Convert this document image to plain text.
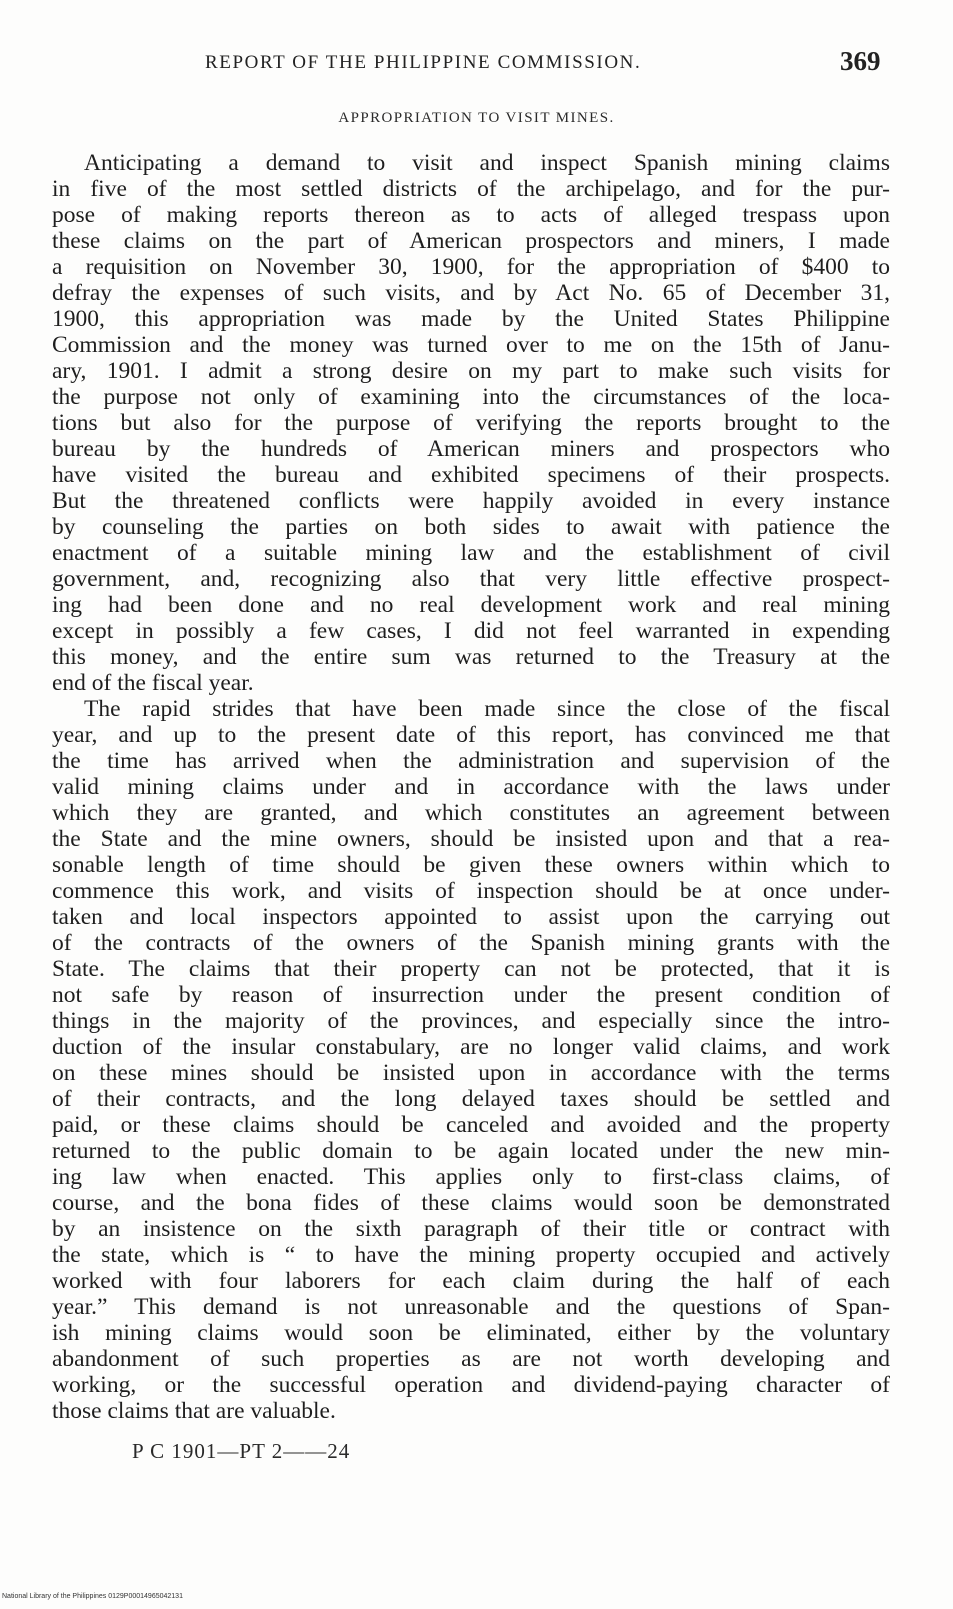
REPORT OF THE PHILIPPINE COMMISSION.	369
APPROPRIATION TO VISIT MINES.
Anticipating a demand to visit and inspect Spanish mining claims
in five of the most settled districts of the archipelago, and for the pur-
pose of making reports thereon as to acts of alleged trespass upon
these claims on the part of American prospectors and miners, I made
a requisition on November 30, 1900, for the appropriation of $400 to
defray the expenses of such visits, and by Act No. 65 of December 31,
1900, this appropriation was made by the United States Philippine
Commission and the money was turned over to me on the 15th of Janu-
ary, 1901. I admit a strong desire on my part to make such visits for
the purpose not only of examining into the circumstances of the loca-
tions but also for the purpose of verifying the reports brought to the
bureau by the hundreds of American miners and prospectors who
have visited the bureau and exhibited specimens of their prospects.
But the threatened conflicts were happily avoided in every instance
by counseling the parties on both sides to await with patience the
enactment of a suitable mining law and the establishment of civil
government, and, recognizing also that very little effective prospect-
ing had been done and no real development work and real mining
except in possibly a few cases, I did not feel warranted in expending
this money, and the entire sum was returned to the Treasury at the
end of the fiscal year.
The rapid strides that have been made since the close of the fiscal
year, and up to the present date of this report, has convinced me that
the time has arrived when the administration and supervision of the
valid mining claims under and in accordance with the laws under
which they are granted, and which constitutes an agreement between
the State and the mine owners, should be insisted upon and that a rea-
sonable length of time should be given these owners within which to
commence this work, and visits of inspection should be at once under-
taken and local inspectors appointed to assist upon the carrying out
of the contracts of the owners of the Spanish mining grants with the
State. The claims that their property can not be protected, that it is
not safe by reason of insurrection under the present condition of
things in the majority of the provinces, and especially since the intro-
duction of the insular constabulary, are no longer valid claims, and work
on these mines should be insisted upon in accordance with the terms
of their contracts, and the long delayed taxes should be settled and
paid, or these claims should be canceled and avoided and the property
returned to the public domain to be again located under the new min-
ing law when enacted. This applies only to first-class claims, of
course, and the bona fides of these claims would soon be demonstrated
by an insistence on the sixth paragraph of their title or contract with
the state, which is “ to have the mining property occupied and actively
worked with four laborers for each claim during the half of each
year.” This demand is not unreasonable and the questions of Span-
ish mining claims would soon be eliminated, either by the voluntary
abandonment of such properties as are not worth developing and
working, or the successful operation and dividend-paying character of
those claims that are valuable.
P C 1901—PT 2——24
National Library of the Philippines 0129P00014965042131
